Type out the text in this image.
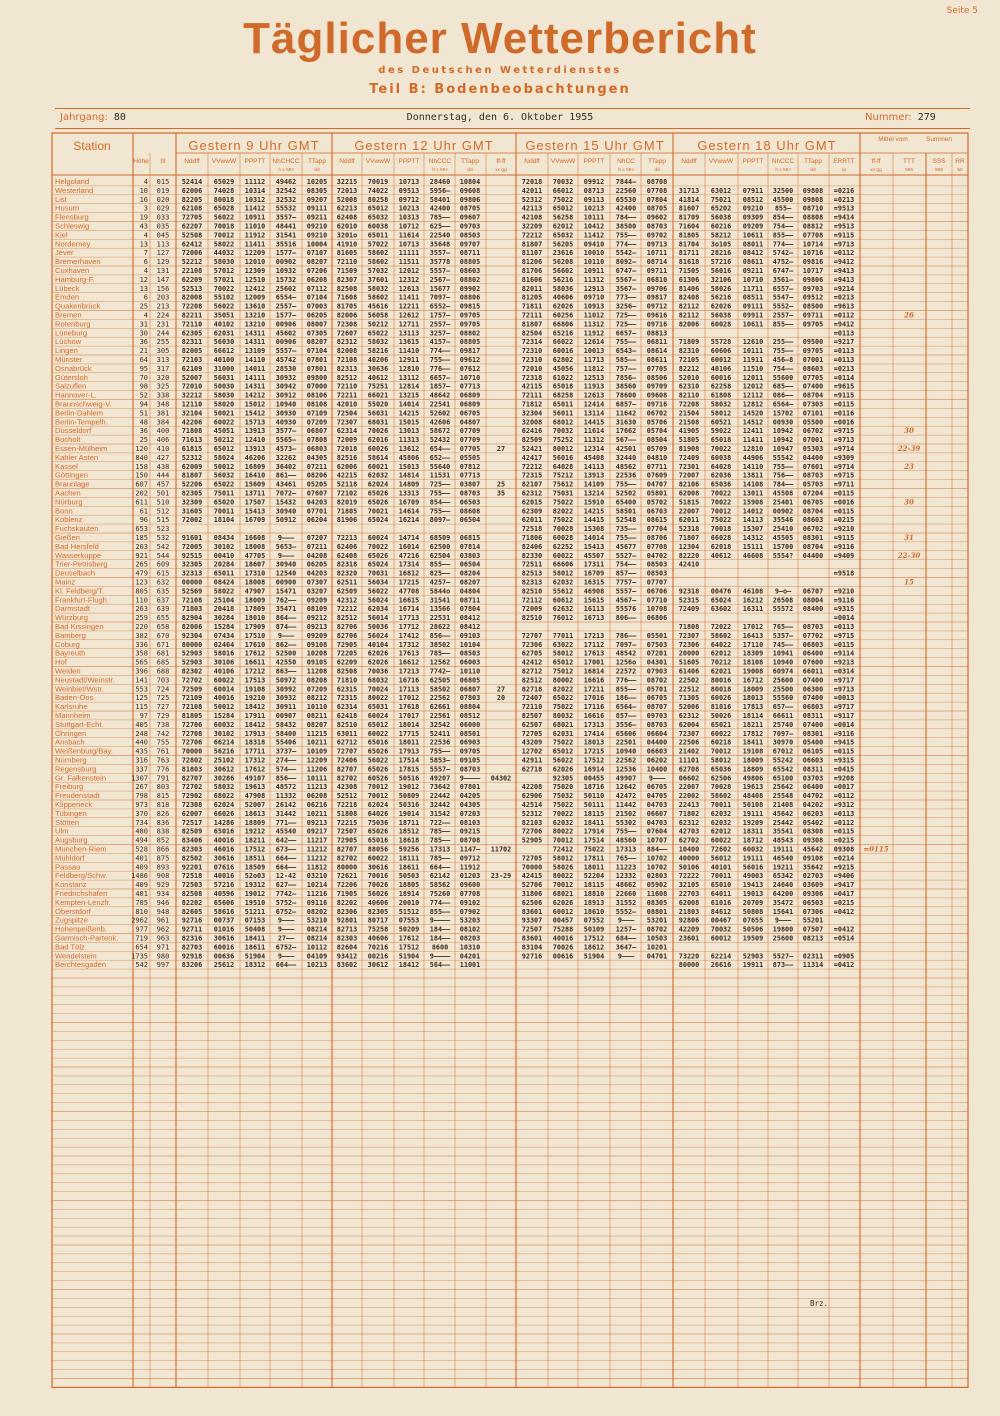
Seite 5
Täglicher Wetterbericht
des Deutschen Wetterdienstes
Teil B: Bodenbeobachtungen
Jahrgang: 80	Donnerstag, den 6. Oktober 1955	Nummer: 279
Station	Gestern 9 Uhr GMT	Gestern 12 Uhr GMT Gestern 15 Uhr GMT	Gestern 18 Uhr GMT	Mittel vom	Summen
Höhe III	Nddff VVwwW PPPTT NhCHCC TTapp Nddff VVwwW PPPTT NhCCC TTapp	ff-ff	Nddff VVwwW PPPTT NhCC TTapp Nddff VVwwW PPPTT NhCCC TTapp ERRTT	ff-ff	TTT	SSS RR
h L MH	dd	h L MH	dd	xx gg	h L MH	dd	h L MH	dd	xx	xx gg	555	555	55
Helgoland	4 015 52414 65029 11112 49462 10205 32215 70019 10713 28460 10804	72018 70032 09912 7844– 08708
Westerland	10 019 62006 74028 10314 32542 08305 72013 74022 09513 5956– 09608	42011 66012 08713 22560 07708 31713 63012 07911 32500 09808 =0216
List	16 020 82205 80018 10312 32532 09207 52008 80258 09712 58401 09806	52312 75022 09113 65530 07804 41814 75021 08512 45500 09808 =0213
Husum	3 029 62108 65028 11412 55532 09111 62213 65012 10213 42400 08705	42113 65012 10213 42400 08705 81607 65202 09210 855– 08710 =9513
Flensburg	19 033 72705 56022 10911 3557– 09211 62408 65032 10313 785–– 09607	42108 56258 10111 784–– 09602 81709 56038 09309 854–– 08808 =9414
Schleswig	43 035 62207 70018 11010 48441 09210 62010 60038 10712 625–– 09703	32209 62012 10412 38500 08703 71604 60216 09209 754–– 08812 =9513
Kiel	4 045 52508 70012 11912 31541 09210 3201o 65011 11614 22540 08503	72212 65032 11412 755–– 09702 81805 58212 10611 855–– 07708 =9115
Norderney	13 113 62412 58022 11411 35516 10004 41910 57022 10713 35648 09707	81807 56205 09410 774–– 09713 81704 3o105 08011 774–– 10714 =9713
Jever	7 127 72006 44032 12209 1577– 07107 81605 58602 11111 3557– 08711	81107 23616 10010 5542– 10711 81711 28216 08412 5742– 10716 =0112
Bremerhaven	6 129 52212 58030 12010 00902 08207 72110 58602 11511 35778 08805	81206 56208 10110 8092– 08714 81618 57216 08611 4752– 09816 =9412
Cuxhaven	4 131 22108 57012 12309 10932 07206 71509 57032 12012 5557– 08603	81706 56602 10911 6747– 09711 71505 56016 09211 6747– 10717 =9413
Hamburg-F.	12 147 62209 57021 12510 15732 06208 82307 37601 12312 2567– 08802	81606 56216 11312 5567– 06810 61306 32106 10710 3561– 09806 =9413
Lübeck	13 156 52513 70022 12412 25602 07112 82508 58032 12613 15677 09902	82011 58036 12913 3567– 09706 81406 58026 11711 6557– 09703 =9214
Emden	6 203 82008 55102 12009 6554– 07104 71608 58602 11411 7097– 08806	81205 40606 09710 773–– 09817 82408 56216 08511 5547– 09512 =0213
Quakenbrück	25 213 72208 56022 13610 2557– 07003 81705 45616 12211 6552– 09815	71811 62026 10913 3256– 09712 82112 62026 09111 5552– 08500 =9613
Bremen	4 224 82211 35051 13210 1577– 06205 82006 56058 12612 1757– 09705	72111 60256 11012 725–– 09616 82112 56038 09911 2557– 09711 =0112	26
Rotenburg	31 231 72110 40102 13210 00906 08007 72308 50212 12711 2557– 09705	81807 66806 11312 725–– 09716 82006 60028 10611 855–– 09705 =9412
Lüneburg	30 244 62305 62031 14311 45602 07305 72607 65022 13113 3257– 08802	82504 65216 11912 6657– 08813	=0113
Lüchow	36 255 82311 56030 14311 00906 08207 82312 58032 13615 4157– 08805	72314 66022 12614 755–– 06811 71809 55728 12610 255–– 09500 =9217
Lingen	21 305 82005 66612 13109 5557– 07104 82008 58216 11410 774–– 09817	72310 60016 10013 6543– 08614 82310 60606 10111 755–– 09705 =0113
Münster	64 313 72103 40100 14110 45742 07801 72108 40206 12911 755–– 09612	72310 62802 11713 585–– 08611 72105 60012 11911 456–8 07001 =0113
Osnabrück	95 317 62109 31000 14011 28530 07801 82313 30636 12810 776–– 07612	72010 45056 11812 757–– 07705 82212 40106 11510 754–– 08603 =0213
Gütersloh	70 320 52007 56031 14111 30932 09800 82512 40612 13112 6657– 10710	72318 61022 12513 7856– 08506 52010 60016 12011 55600 07705 =0114
Salzuflen	98 325 72010 50030 14311 30942 07000 72110 75251 12814 1857– 07713	42115 65018 11913 38560 09709 62310 62258 12012 685–– 07400 =9615
Hannover-L.	52 338 32212 58030 14212 30912 08106 72211 66021 13215 48642 06809	72111 68258 12613 78600 09608 82110 61808 12112 086–– 08704 =9115
Braunschweig-V.	94 348 12110 58020 15012 10940 08108 42010 55020 14014 22541 06809	71812 65011 12414 6857– 09716 72208 58032 12812 6564– 07303 =0115
Berlin-Dahlem	51 381 32104 50021 15412 30930 07109 72504 56031 14215 52602 06705	32304 56011 13114 11642 06702 21504 58012 14520 15702 07101 =0116
Berlin-Tempelh.	48 384 42206 60022 15713 40930 07209 72307 68031 15015 42606 04807	32008 68012 14415 31630 05706 21508 60521 14512 00930 05500 =0016
Düsseldorf	36 400 71808 45051 13913 3577– 06807 62314 70026 13013 58672 07709	62416 70032 11614 17662 05704 41905 59022 12411 10942 06702 =9715	30
Bocholt	25 406 71613 50212 12410 5565– 07808 72009 62016 11313 52432 07709	82509 75252 11312 567–– 08504 51805 65018 11411 10942 07001 =9713
Essen-Mülheim	120 410 61815 65012 13913 4573– 06803 72018 60026 13612 654–– 07705 27 52421 80012 12314 42501 05709 81908 70022 12810 10947 05303 =9714	22-39
Kahler Asten	840 427 52312 58024 46206 32262 04305 82516 58614 45806 652–– 05505	42417 56016 45408 32440 04810 72409 60038 44906 55542 04400 =9309
Kassel	158 438 62009 50012 16809 36402 07211 62006 60021 15013 55640 07812	72212 64028 14113 48562 07711 72301 64028 14110 755–– 07601 =9714	23
Göttingen	150 444 81807 56032 16410 861–– 08206 42215 62032 14814 11531 07713	72315 75212 13913 22536 07609 72007 62036 13811 756–– 08703 =9715
Braunlage	607 457 52206 65022 15609 43461 05205 52118 62024 14809 725–– 03807 25 82107 75612 14109 755–– 04707 82106 65036 14108 784–– 05703 =9711
Aachen	202 501 82305 75011 13711 7072– 07607 72102 65026 13313 755–– 08703 35 62312 75031 13214 52502 05801 62008 70022 13011 45508 07204 =0115
Nürburg	611 510 32309 65020 17507 15432 04203 82019 65026 16709 854–– 06503	62015 75022 15910 65400 05702 51815 70022 15908 25401 06705 =0016	30
Bonn	61 512 31605 70011 15413 30940 07701 71805 70021 14614 755–– 08608	62309 82022 14215 58501 06703 22007 70012 14012 00902 08704 =0115
Koblenz	96 515 72002 18104 16709 50912 06204 81906 65024 16214 8097– 06504	62011 75022 14415 52548 08615 62011 75022 14113 35546 08603 =0215
Fuchskauten	653 523	72518 70028 15308 735–– 07704 52318 70018 15307 25410 06702 =9210
Gießen	185 532 91601 08434 16608 9––– 07207 72213 60024 14714 68509 06815	71806 60028 14014 755–– 08706 71807 66028 14312 45505 08301 =9115	31
Bad Hersfeld	203 542 72005 30102 18008 5653– 07211 62406 70022 16014 62500 07814	82406 62252 15413 45677 07708 12304 62018 15111 15700 08704 =9116
Wasserkuppe	921 544 92515 00410 47705 9––– 04208 62408 65026 47216 62504 03803	82330 60022 45507 5527– 04702 82220 40612 46608 5554? 04400 =9409	22-30
Trier-Petrisberg	265 609 32305 20284 18607 30940 06205 82318 65024 17314 855–– 06504	72511 66606 17311 754–– 08503 42410
Deuselbach	479 615 32313 65011 17310 12540 04203 82320 70031 16812 825–– 08204	82513 58012 16709 857–– 08503	=9518
Mainz	123 632 00000 08424 18008 00900 07307 62511 56034 17215 4257– 08207	82313 62032 16315 7757– 07707	15
Kl. Feldberg/T.	805 635 52569 58022 47907 15471 03207 62509 56022 47708 5844o 04804	82510 55612 46908 5557– 06706 92318 00476 46108 9–o– 06707 =9210
Frankfurt-Flugh.	110 637 72108 25104 18009 762–– 09209 42312 56024 16615 31541 08711	72112 60612 15615 4567– 07710 52315 65024 16212 26508 08004 =9116
Darmstadt	263 639 71803 20418 17809 35471 08109 72212 62034 16714 13566 07804	72009 62632 16113 55576 10708 72409 63602 16311 55572 08400 =9315
Würzburg	259 655 82904 30284 18010 864–– 09212 82512 56014 17713 22531 08412	82510 76012 16713 806–– 06806	=0014
Bad Kissingen	220 658 82006 15284 17909 874–– 09213 82706 50036 17712 28622 08412	71808 72022 17012 765–– 08703 =0113
Bamberg	382 670 92304 07434 17510 9––– 09209 82706 56024 17412 856–– 09103	72707 77011 17213 786–– 05501 72307 58602 16413 5357– 07702 =9715
Coburg	336 671 80000 02464 17610 862–– 09108 72905 40104 17312 38502 10104	72306 63022 17112 7097– 07503 72306 64022 17110 745–– 06803 =0115
Bayreuth	358 681 52903 58016 17612 52500 10208 72205 62026 17613 785–– 08503	62705 58012 17613 48542 07201 20000 62012 18309 10941 06400 =9114
Hof	565 685 52903 30106 16611 42550 09105 62209 62026 16612 12562 06003	42412 65012 17001 1256o 04301 51605 70212 18108 10940 07600 =9213
Weiden	396 688 82302 40106 17212 863–– 11208 82508 70036 17213 7742– 10110	82712 75012 16814 22572 07903 61406 62021 19008 60974 66011 =0314
Neustadt/Weinstr.	141 703 72702 60022 17513 50972 08208 71810 68032 16716 62505 06805	82512 80002 16616 776–– 08702 22502 80016 16712 25600 07400 =9717
Weinbiet/Wstr.	553 724 72509 60014 19108 30992 07209 62315 70024 17113 58502 06807 27 82718 82022 17211 855–– 05701 22512 80018 18009 25500 06300 =9713
Baden-Oos	125 725 72109 40016 19210 30932 08212 72315 80022 17012 22562 07803 20 72407 65022 17016 186–– 06705 71305 60026 18013 55560 07400 =0013
Karlsruhe	115 727 72108 50012 18412 30911 10110 62314 65031 17618 62661 08804	72110 75022 17116 6564– 08707 52006 81016 17813 657–– 06803 =9717
Mannheim	97 729 81805 15284 17911 00907 08211 62418 60024 17017 22561 08512	82507 80032 16616 857–– 09703 62312 50026 18114 66611 08311 =9117
Stuttgart-Echt.	405 738 72706 60032 18412 58432 08207 82510 65012 18014 32542 06000	62507 68021 17313 3556– 08703 62004 65021 18211 25740 07400 =0014
Öhringen	248 742 72708 30102 17913 58400 11215 63011 60022 17715 52411 08501	72705 62031 17414 65606 06604 72307 60022 17812 7097– 08301 =9116
Ansbach	440 755 72706 66214 18318 55406 10211 62712 65016 18011 22536 06903	43209 75022 18013 22501 04400 22506 60218 18411 30970 05400 =9415
Weißenburg/Bay.	435 761 70000 56216 17711 3737– 10109 72707 65026 17913 755–– 09705	12702 65012 17215 10940 06603 21402 70012 19108 67012 06105 =0115
Nürnberg	316 763 72802 25102 17312 274–– 12209 72406 56022 17514 5853– 09105	42911 56022 17512 22562 06202 11101 58012 18009 55242 06603 =9315
Regensburg	337 776 81803 30612 17612 574–– 11206 82707 65026 17815 5557– 08703	62718 62026 16914 12536 10400 62708 65036 18809 65542 08311 =0415
Gr. Falkenstein	1307 791 82707 30286 49107 856–– 10111 82702 60526 50516 49207 9–––– 04302	92305 00455 49907 9––– 06602 62506 49806 65100 03703 =9208
Freiburg	267 803 72702 58032 19613 48572 11213 42308 70012 19012 73642 07801	42208 75020 18716 12642 06705 22007 70028 19613 25642 06400 =0017
Freudenstadt	798 815 72902 68022 47908 11332 06208 52512 70012 50809 22442 04205	62906 75032 50110 42472 04705 22002 58602 48408 25548 04702 =0112
Klippeneck	973 818 72308 62024 52007 26142 06216 72218 62024 50316 32442 04305	42514 75022 50111 11442 04703 22413 70011 50108 21408 04202 =9312
Tübingen	370 826 62007 66026 18613 31442 10211 51808 64026 19014 31542 07203	52312 70022 18115 21502 06607 71802 62032 19111 45642 06203 =0113
Stötten	734 836 72517 14286 18809 771–– 09213 72215 75036 18711 722–– 08103	82103 62032 18411 55302 04703 62312 62032 19209 25442 05402 =0112
Ulm	480 838 82509 65016 19212 45540 09217 72507 65026 18512 785–– 09215	72706 80022 17914 755–– 07604 42703 62012 18311 35541 08308 =0115
Augsburg	494 852 83406 40016 18211 642–– 11217 72905 65016 18618 785–– 08708	52905 70012 17514 48560 10707 62702 60022 18712 48543 09308 =0215
München-Riem	528 866 82303 46016 17512 673–– 11212 82707 88056 59256 17313 1147– 11702	72412 75022 17313 884–– 10400 72602 60032 19111 45642 09308 =0115
Mühldorf	401 875 82502 30616 18511 664–– 11212 82702 60022 18111 785–– 09712	72705 58012 17811 765–– 10702 40000 56012 19111 46540 09108 =0214
Passau	409 893 92201 07616 18509 664–– 11812 80000 30616 18611 664–– 11912	70000 58026 18011 11223 10702 50106 40101 56016 19211 35642 =9215
Feldberg/Schw.	1486 908 72518 40016 52o03 12-42 03210 72621 70016 50503 62142 01203 23-29 42415 80022 52204 12332 02803 72222 70011 49003 65342 02703 =9406
Konstanz	409 929 72503 57216 19312 627–– 10214 72206 70026 18805 58562 09600	52706 70012 18115 48662 05902 32105 65010 19413 24640 03609 =9417
Friedrichshafen	401 934 82508 40596 19012 7742– 11216 71905 56026 18914 75260 07708	31806 68021 18810 22660 11608 22703 64011 19013 64200 09306 =0417
Kempten-Lenzfr.	705 946 82202 65606 19510 5752– 09116 82202 40606 20010 774–– 09102	62506 62026 18913 31552 08305 62008 61016 20709 35472 06503 =0215
Oberstdorf	810 948 82605 58616 51211 6752– 08202 82306 82305 51512 855–– 07902	83601 60012 18610 5552– 08801 21803 84612 50808 15641 07306 =0412
Zugspitze	2962 961 92716 00737 07153 9––– 53210 92801 80717 07553 9–––– 53203	93307 00457 07552 9––– 53201 92806 00467 07655 9––– 55201
Hohenpeißenb.	977 962 92711 01016 50408 9––– 08214 82713 75258 50209 184–– 08102	72507 75288 50109 1257– 08702 42209 70032 50506 19800 07507 =0412
Garmisch-Partenk. 719 963 82316 30616 18411 27–– 08214 82303 40606 17612 184–– 08203	83601 40016 17512 684–– 10503 23601 60012 19509 25600 08213 =0514
Bad Tölz	654 971 82703 60016 18611 6752– 10112 82604 70216 17512 8600 10310	83104 70026 18612 3647– 10201
Wendelstein	1735 980 92918 00636 51904 9––– 04109 93412 00216 51904 9–––– 04201	92716 00616 51904 9––– 04701 73220 62214 52903 5527– 02311 =0905
Berchtesgaden	542 997 83206 25612 18312 664–– 10213 83602 30612 18412 564–– 11001	80000 26616 19911 873–– 11314 =0412
Brz.
